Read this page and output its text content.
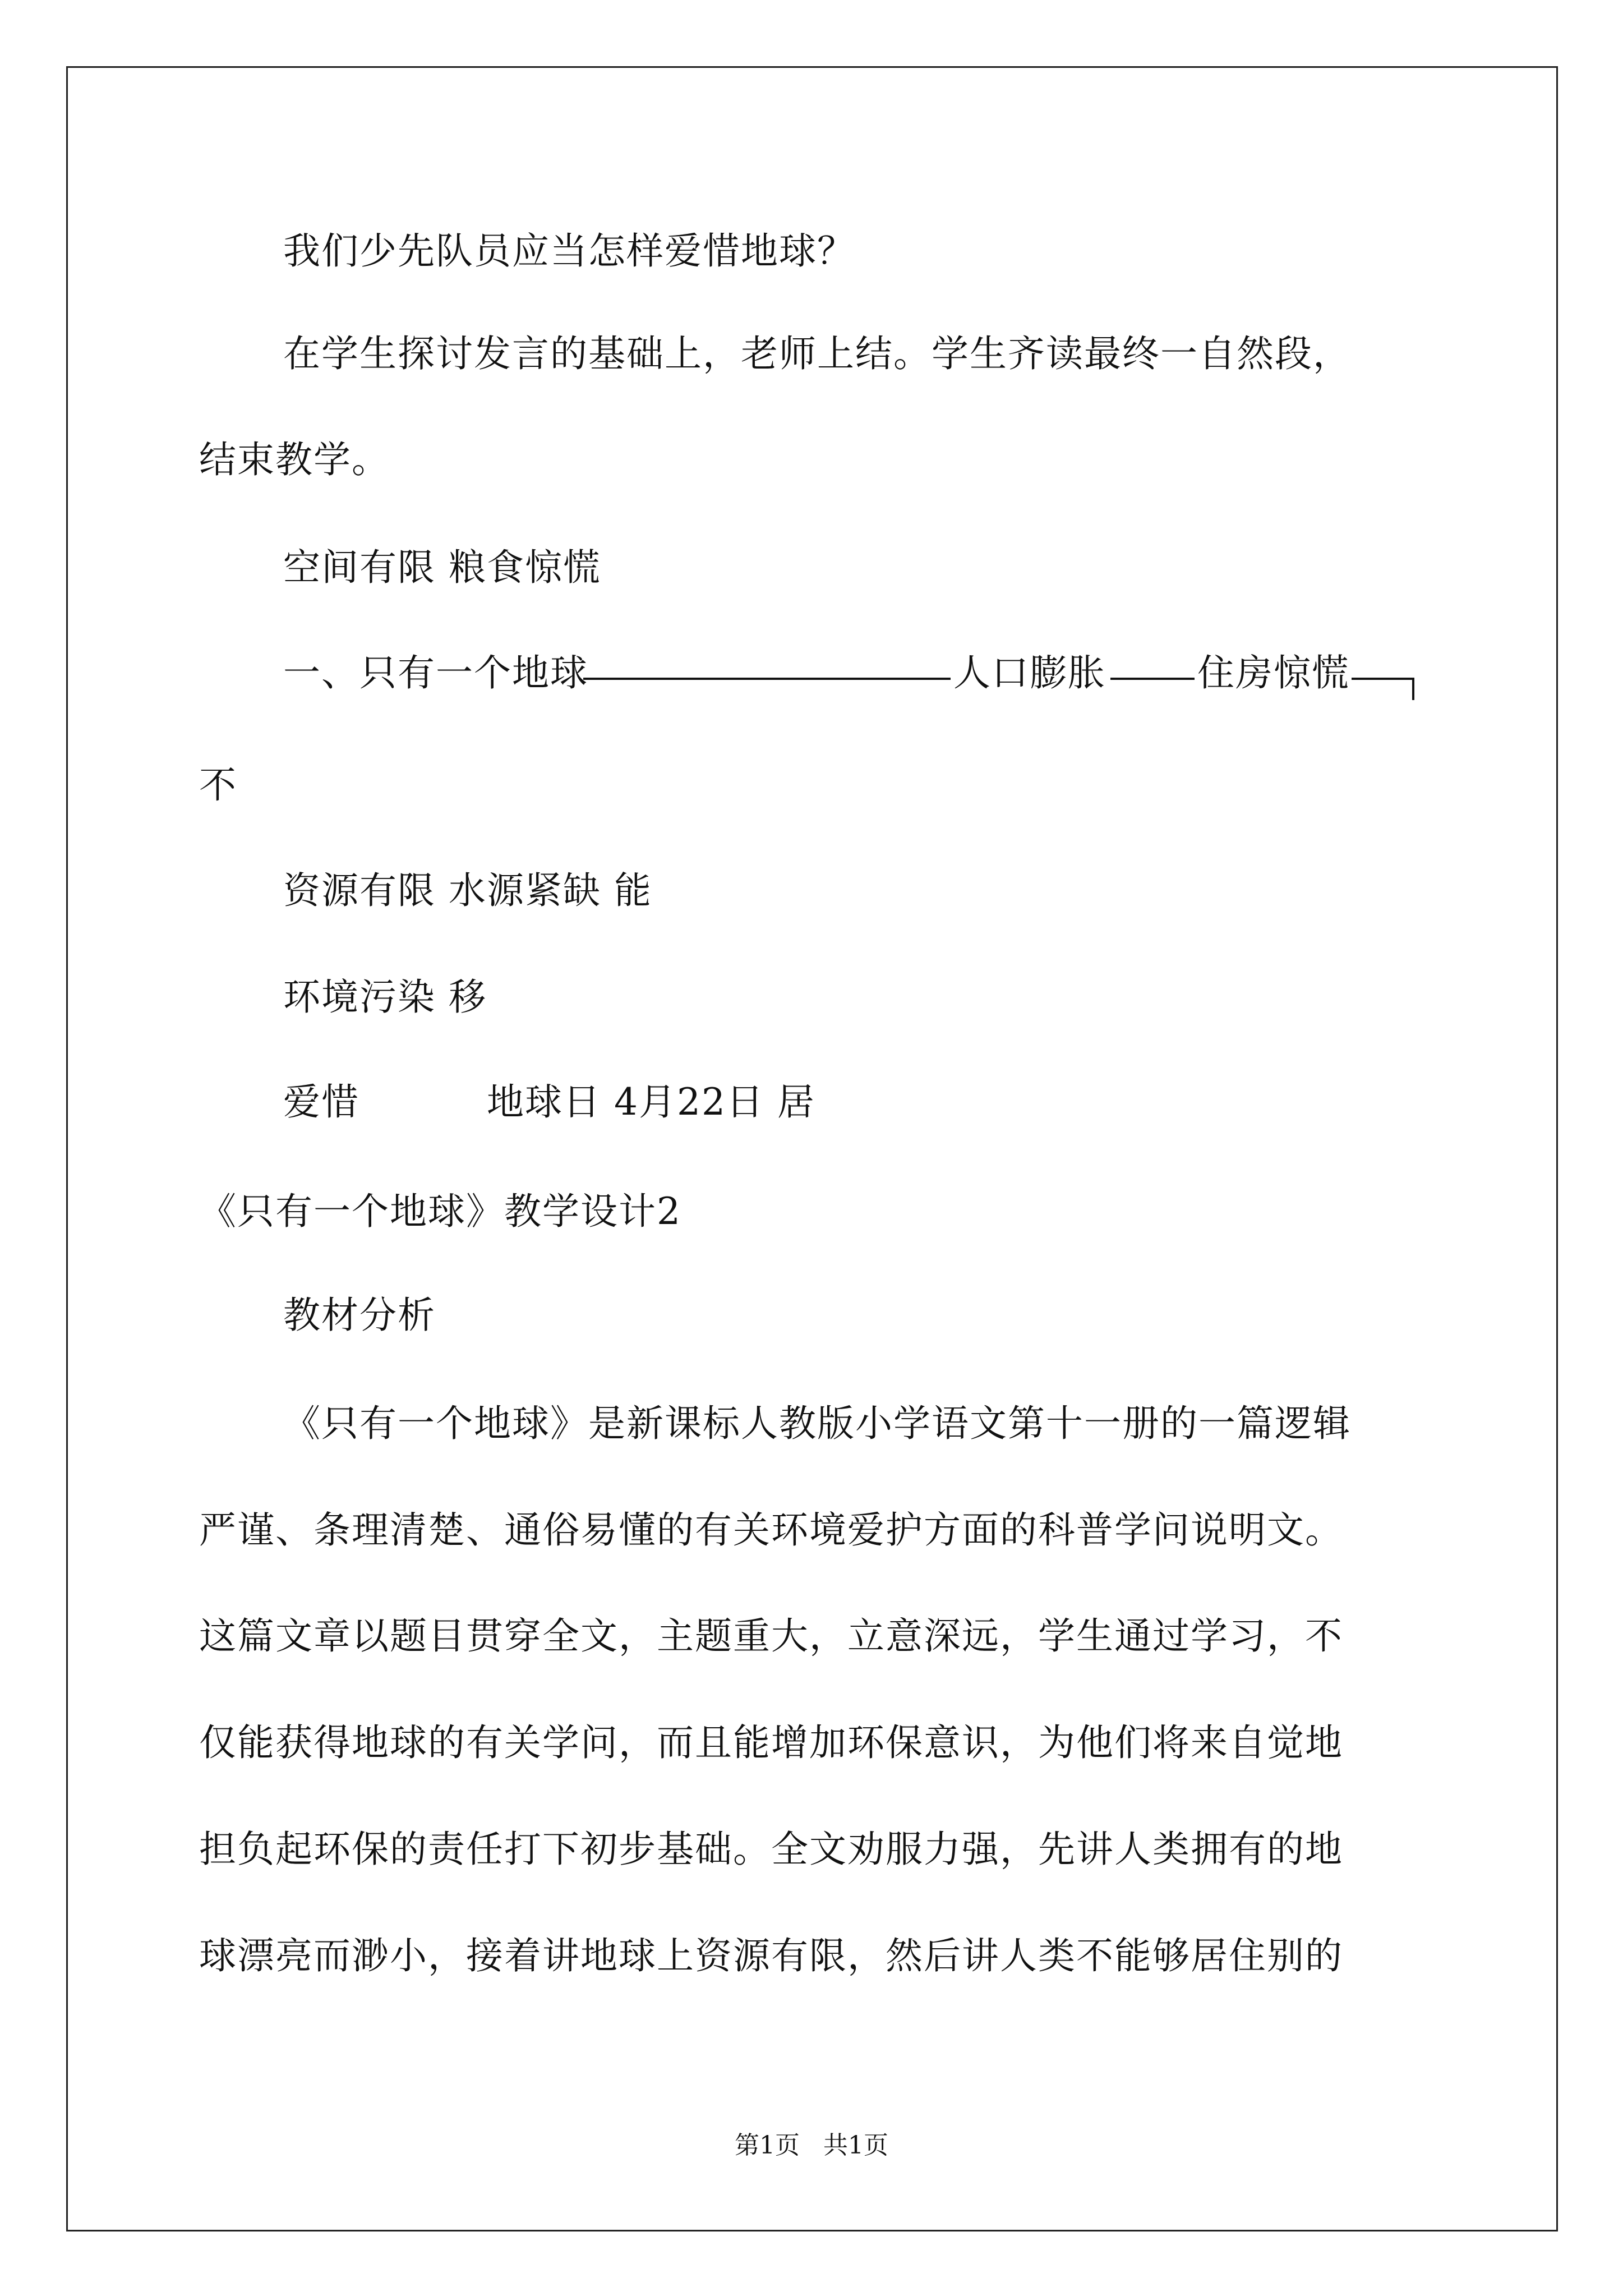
我们少先队员应当怎样爱惜地球？
在学生探讨发言的基础上，老师上结。学生齐读最终一自然段，
结束教学。
空间有限 粮食惊慌
一、只有一个地球	人口膨胀 住房惊慌
不
资源有限 水源紧缺 能
环境污染 移
爱惜	地球日 4月22日 居
《只有一个地球》教学设计2
教材分析
《只有一个地球》是新课标人教版小学语文第十一册的一篇逻辑
严谨、条理清楚、通俗易懂的有关环境爱护方面的科普学问说明文。
这篇文章以题目贯穿全文，主题重大，立意深远，学生通过学习，不
仅能获得地球的有关学问，而且能增加环保意识，为他们将来自觉地
担负起环保的责任打下初步基础。全文劝服力强，先讲人类拥有的地
球漂亮而渺小，接着讲地球上资源有限，然后讲人类不能够居住别的
第1页 共1页
